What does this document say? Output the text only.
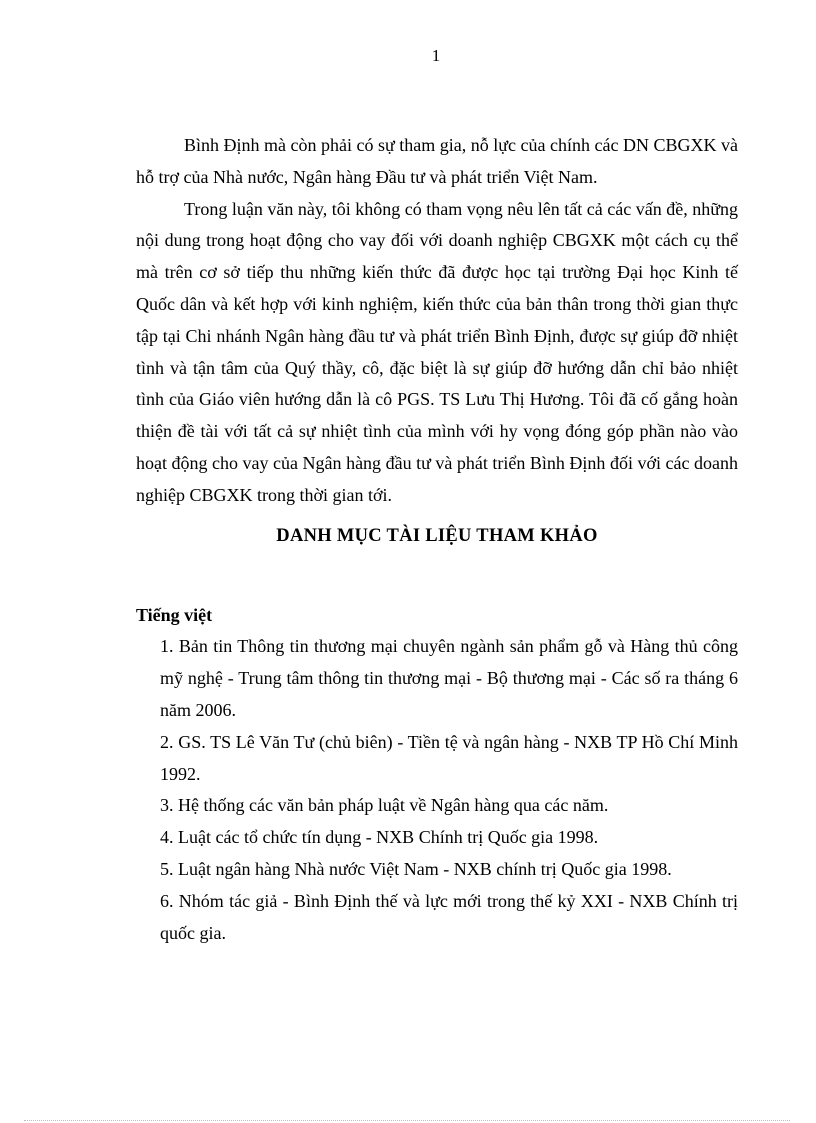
1

Bình Định mà còn phải có sự tham gia, nỗ lực của chính các DN CBGXK và hỗ trợ của Nhà nước, Ngân hàng Đầu tư và phát triển Việt Nam.

Trong luận văn này, tôi không có tham vọng nêu lên tất cả các vấn đề, những nội dung trong hoạt động cho vay đối với doanh nghiệp CBGXK một cách cụ thể mà trên cơ sở tiếp thu những kiến thức đã được học tại trường Đại học Kinh tế Quốc dân và kết hợp với kinh nghiệm, kiến thức của bản thân trong thời gian thực tập tại Chi nhánh Ngân hàng đầu tư và phát triển Bình Định, được sự giúp đỡ nhiệt tình và tận tâm của Quý thầy, cô, đặc biệt là sự giúp đỡ hướng dẫn chỉ bảo nhiệt tình của Giáo viên hướng dẫn là cô PGS. TS Lưu Thị Hương. Tôi đã cố gắng hoàn thiện đề tài với tất cả sự nhiệt tình của mình với hy vọng đóng góp phần nào vào hoạt động cho vay của Ngân hàng đầu tư và phát triển Bình Định đối với các doanh nghiệp CBGXK trong thời gian tới.

DANH MỤC TÀI LIỆU THAM KHẢO
Tiếng việt
1. Bản tin Thông tin thương mại chuyên ngành sản phẩm gỗ và Hàng thủ công mỹ nghệ - Trung tâm thông tin thương mại - Bộ thương mại - Các số ra tháng 6 năm 2006.
2. GS. TS Lê Văn Tư (chủ biên) - Tiền tệ và ngân hàng - NXB TP Hồ Chí Minh 1992.
3. Hệ thống các văn bản pháp luật về Ngân hàng qua các năm.
4. Luật các tổ chức tín dụng - NXB Chính trị Quốc gia 1998.
5. Luật ngân hàng Nhà nước Việt Nam - NXB chính trị Quốc gia 1998.
6. Nhóm tác giả - Bình Định thế và lực mới trong thế kỷ XXI - NXB Chính trị quốc gia.
